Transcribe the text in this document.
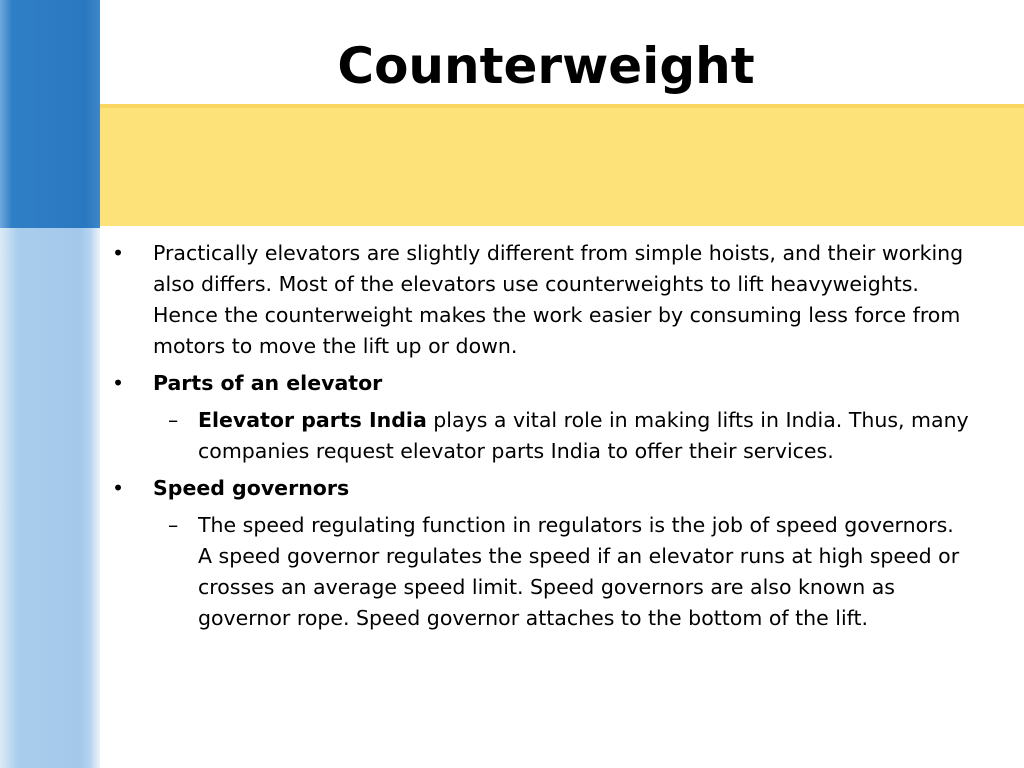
Counterweight
• Practically elevators are slightly different from simple hoists, and their working also differs. Most of the elevators use counterweights to lift heavyweights. Hence the counterweight makes the work easier by consuming less force from motors to move the lift up or down.
• Parts of an elevator
– Elevator parts India plays a vital role in making lifts in India. Thus, many companies request elevator parts India to offer their services.
• Speed governors
– The speed regulating function in regulators is the job of speed governors. A speed governor regulates the speed if an elevator runs at high speed or crosses an average speed limit. Speed governors are also known as governor rope. Speed governor attaches to the bottom of the lift.
